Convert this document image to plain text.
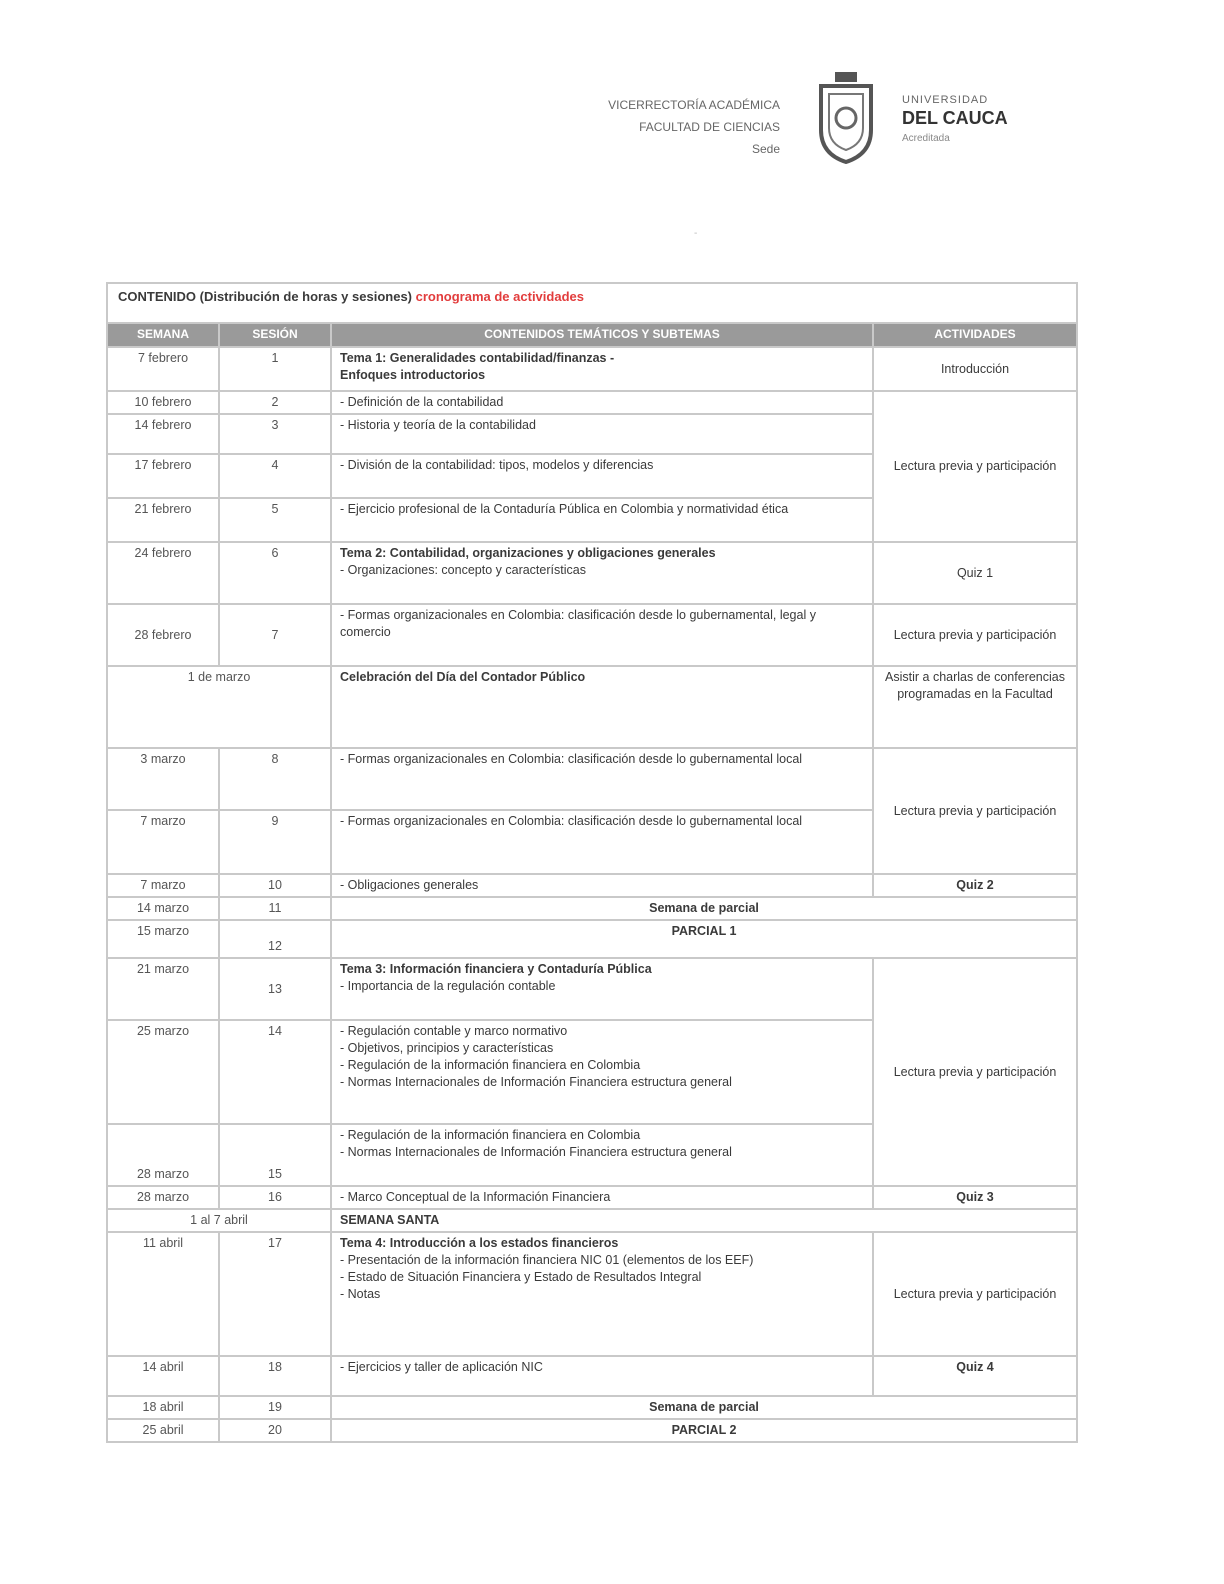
VICERRECTORÍA ACADÉMICA
FACULTAD DE CIENCIAS
Sede
UNIVERSIDAD
DEL CAUCA
Acreditada
-
CONTENIDO (Distribución de horas y sesiones) cronograma de actividades			
SEMANA	SESIÓN	CONTENIDOS TEMÁTICOS Y SUBTEMAS	ACTIVIDADES
7 febrero	1	Tema 1: Generalidades contabilidad/finanzas -
Enfoques introductorios	Introducción
10 febrero	2	- Definición de la contabilidad	Lectura previa y participación
14 febrero	3	- Historia y teoría de la contabilidad	
17 febrero	4	- División de la contabilidad: tipos, modelos y diferencias	
21 febrero	5	- Ejercicio profesional de la Contaduría Pública en Colombia y normatividad ética	
24 febrero	6	Tema 2: Contabilidad, organizaciones y obligaciones generales
- Organizaciones: concepto y características	Quiz 1
28 febrero	7	- Formas organizacionales en Colombia: clasificación desde lo gubernamental, legal y comercio	Lectura previa y participación
1 de marzo		Celebración del Día del Contador Público	Asistir a charlas de conferencias programadas en la Facultad
3 marzo	8	- Formas organizacionales en Colombia: clasificación desde lo gubernamental local	Lectura previa y participación
7 marzo	9	- Formas organizacionales en Colombia: clasificación desde lo gubernamental local	
7 marzo	10	- Obligaciones generales	Quiz 2
14 marzo	11	Semana de parcial	
15 marzo	12	PARCIAL 1	
21 marzo	13	Tema 3: Información financiera y Contaduría Pública
- Importancia de la regulación contable	Lectura previa y participación
25 marzo	14	- Regulación contable y marco normativo
- Objetivos, principios y características
- Regulación de la información financiera en Colombia
- Normas Internacionales de Información Financiera estructura general	
28 marzo	15	- Regulación de la información financiera en Colombia
- Normas Internacionales de Información Financiera estructura general	
28 marzo	16	- Marco Conceptual de la Información Financiera	Quiz 3
1 al 7 abril		SEMANA SANTA	
11 abril	17	Tema 4: Introducción a los estados financieros
- Presentación de la información financiera NIC 01 (elementos de los EEF)
- Estado de Situación Financiera y Estado de Resultados Integral
- Notas	Lectura previa y participación
14 abril	18	- Ejercicios y taller de aplicación NIC	Quiz 4
18 abril	19	Semana de parcial	
25 abril	20	PARCIAL 2	
